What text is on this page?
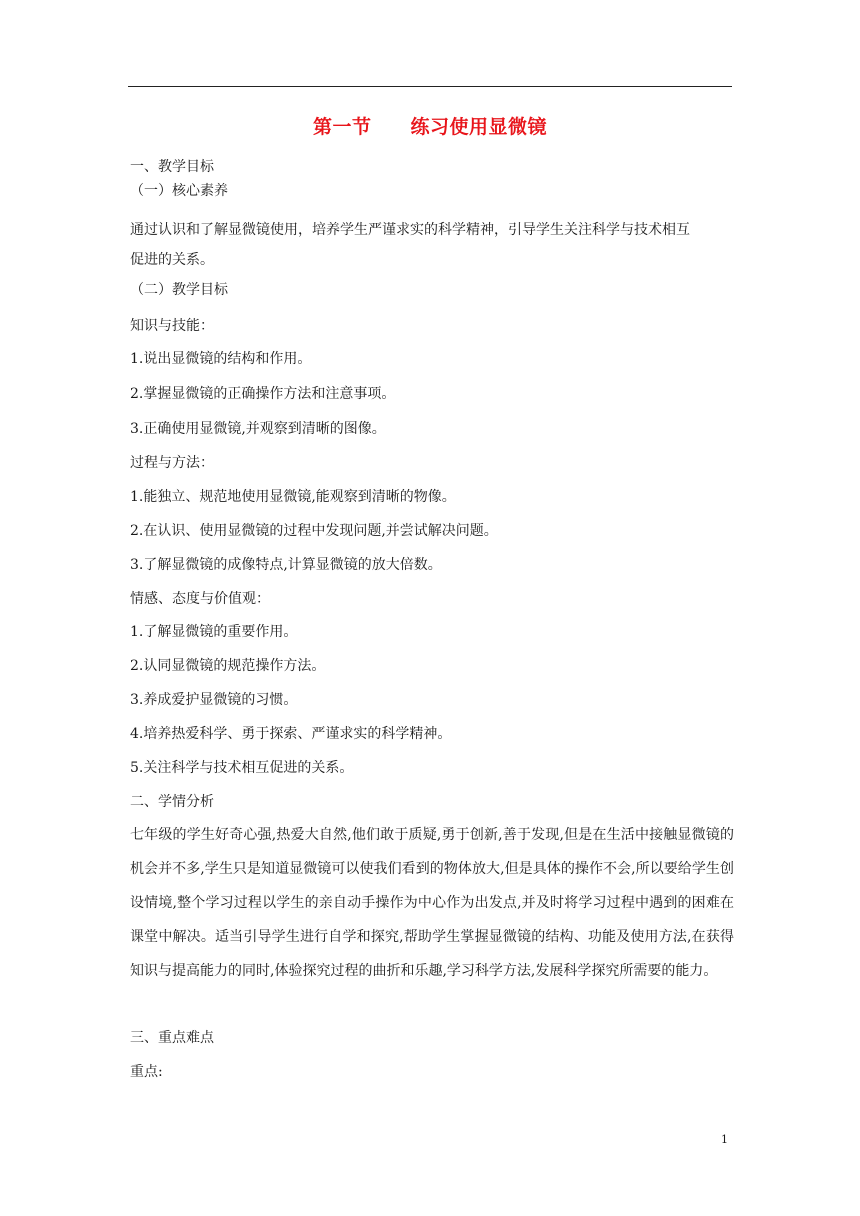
第一节　　练习使用显微镜
一、教学目标
（一）核心素养
通过认识和了解显微镜使用，培养学生严谨求实的科学精神，引导学生关注科学与技术相互
促进的关系。
（二）教学目标
知识与技能：
1.说出显微镜的结构和作用。
2.掌握显微镜的正确操作方法和注意事项。
3.正确使用显微镜,并观察到清晰的图像。
过程与方法：
1.能独立、规范地使用显微镜,能观察到清晰的物像。
2.在认识、使用显微镜的过程中发现问题,并尝试解决问题。
3.了解显微镜的成像特点,计算显微镜的放大倍数。
情感、态度与价值观：
1.了解显微镜的重要作用。
2.认同显微镜的规范操作方法。
3.养成爱护显微镜的习惯。
4.培养热爱科学、勇于探索、严谨求实的科学精神。
5.关注科学与技术相互促进的关系。
二、学情分析
七年级的学生好奇心强,热爱大自然,他们敢于质疑,勇于创新,善于发现,但是在生活中接触显微镜的机会并不多,学生只是知道显微镜可以使我们看到的物体放大,但是具体的操作不会,所以要给学生创设情境,整个学习过程以学生的亲自动手操作为中心作为出发点,并及时将学习过程中遇到的困难在课堂中解决。适当引导学生进行自学和探究,帮助学生掌握显微镜的结构、功能及使用方法,在获得知识与提高能力的同时,体验探究过程的曲折和乐趣,学习科学方法,发展科学探究所需要的能力。
三、重点难点
重点:
1
